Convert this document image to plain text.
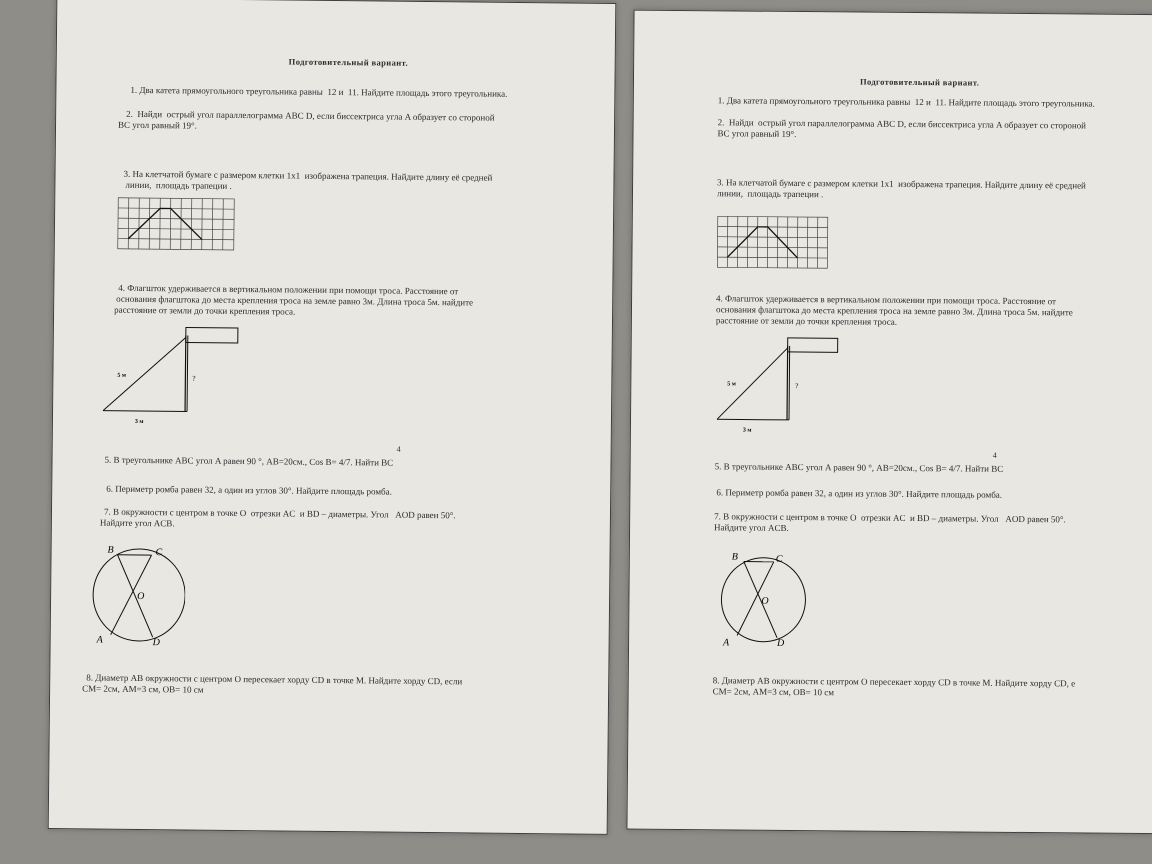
Подготовительный вариант.
1. Два катета прямоугольного треугольника равны  12 и  11. Найдите площадь этого треугольника.
2.  Найди  острый угол параллелограмма ABC D, если биссектриса угла A образует со стороной
BC угол равный 19°.
3. На клетчатой бумаге с размером клетки 1х1  изображена трапеция. Найдите длину её средней
линии,  площадь трапеции .
4. Флагшток удерживается в вертикальном положении при помощи троса. Расстояние от
основания флагштока до места крепления троса на земле равно 3м. Длина троса 5м. найдите
расстояние от земли до точки крепления троса.
5 м	?
3 м
5. В треугольнике ABC угол A равен 90 °, AB=20см., Cos B= 4/7. Найти BC
4
6. Периметр ромба равен 32, а один из углов 30°. Найдите площадь ромба.
7. В окружности с центром в точке O  отрезки AC  и BD – диаметры. Угол   AOD равен 50°.
Найдите угол ACB.
B	C
O
A	D
8. Диаметр AB окружности с центром O пересекает хорду CD в точке M. Найдите хорду CD, если
CM= 2см, AM=3 см, OB= 10 см
Подготовительный вариант.
1. Два катета прямоугольного треугольника равны  12 и  11. Найдите площадь этого треугольника.
2.  Найди  острый угол параллелограмма ABC D, если биссектриса угла A образует со стороной
BC угол равный 19°.
3. На клетчатой бумаге с размером клетки 1х1  изображена трапеция. Найдите длину её средней
линии,  площадь трапеции .
4. Флагшток удерживается в вертикальном положении при помощи троса. Расстояние от
основания флагштока до места крепления троса на земле равно 3м. Длина троса 5м. найдите
расстояние от земли до точки крепления троса.
5 м	?
3 м
5. В треугольнике ABC угол A равен 90 °, AB=20см., Cos B= 4/7. Найти BC
4
6. Периметр ромба равен 32, а один из углов 30°. Найдите площадь ромба.
7. В окружности с центром в точке O  отрезки AC  и BD – диаметры. Угол   AOD равен 50°.
Найдите угол ACB.
B	C
O
A	D
8. Диаметр AB окружности с центром O пересекает хорду CD в точке M. Найдите хорду CD, е
CM= 2см, AM=3 см, OB= 10 см
